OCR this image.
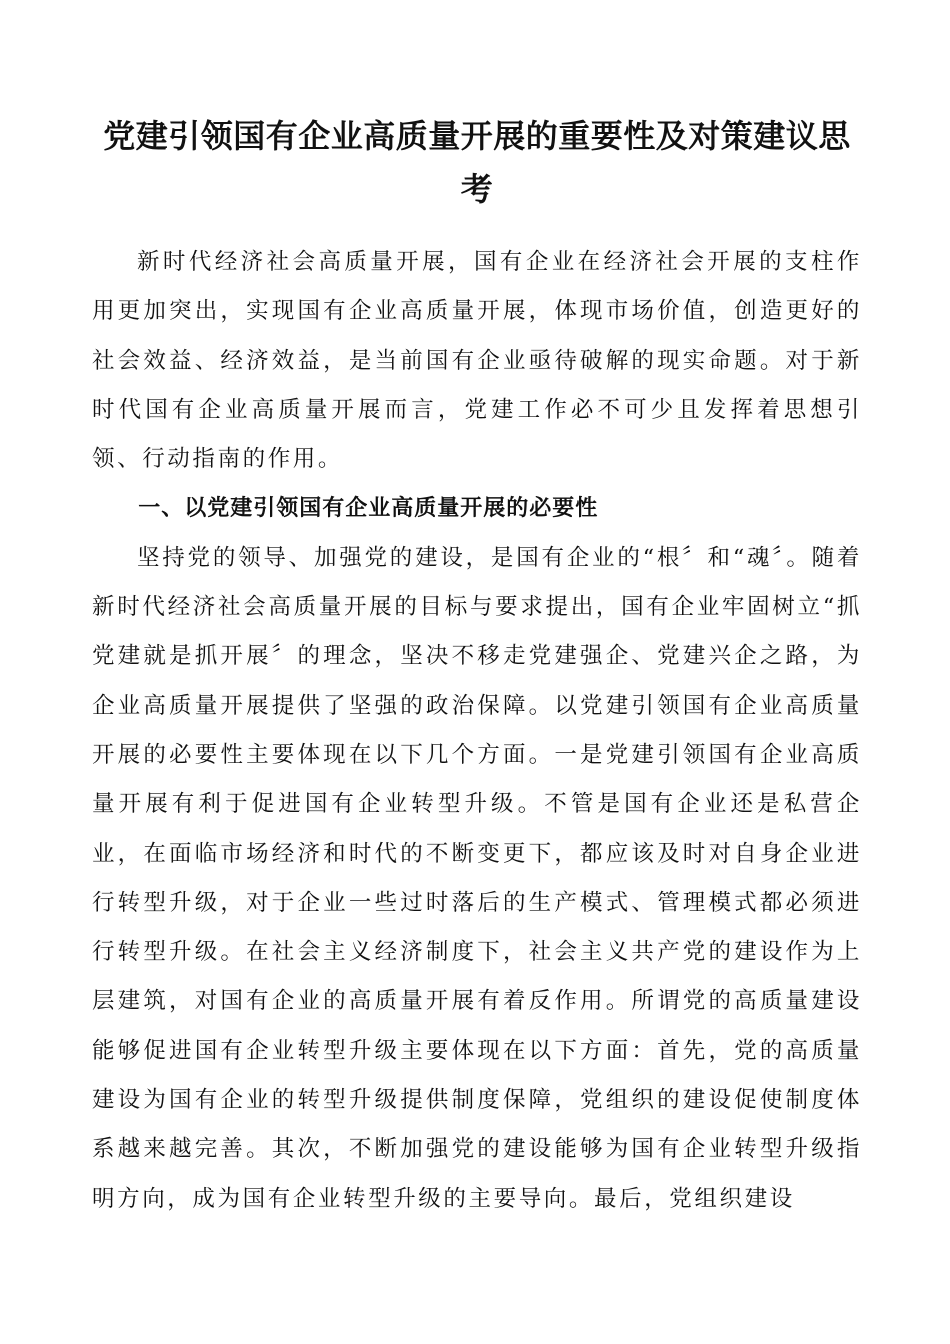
党建引领国有企业高质量开展的重要性及对策建议思考

新时代经济社会高质量开展，国有企业在经济社会开展的支柱作用更加突出，实现国有企业高质量开展，体现市场价值，创造更好的社会效益、经济效益，是当前国有企业亟待破解的现实命题。对于新时代国有企业高质量开展而言，党建工作必不可少且发挥着思想引领、行动指南的作用。

一、以党建引领国有企业高质量开展的必要性

坚持党的领导、加强党的建设，是国有企业的“根〞和“魂〞。随着新时代经济社会高质量开展的目标与要求提出，国有企业牢固树立“抓党建就是抓开展〞的理念，坚决不移走党建强企、党建兴企之路，为企业高质量开展提供了坚强的政治保障。以党建引领国有企业高质量开展的必要性主要体现在以下几个方面。一是党建引领国有企业高质量开展有利于促进国有企业转型升级。不管是国有企业还是私营企业，在面临市场经济和时代的不断变更下，都应该及时对自身企业进行转型升级，对于企业一些过时落后的生产模式、管理模式都必须进行转型升级。在社会主义经济制度下，社会主义共产党的建设作为上层建筑，对国有企业的高质量开展有着反作用。所谓党的高质量建设能够促进国有企业转型升级主要体现在以下方面：首先，党的高质量建设为国有企业的转型升级提供制度保障，党组织的建设促使制度体系越来越完善。其次，不断加强党的建设能够为国有企业转型升级指明方向，成为国有企业转型升级的主要导向。最后，党组织建设
